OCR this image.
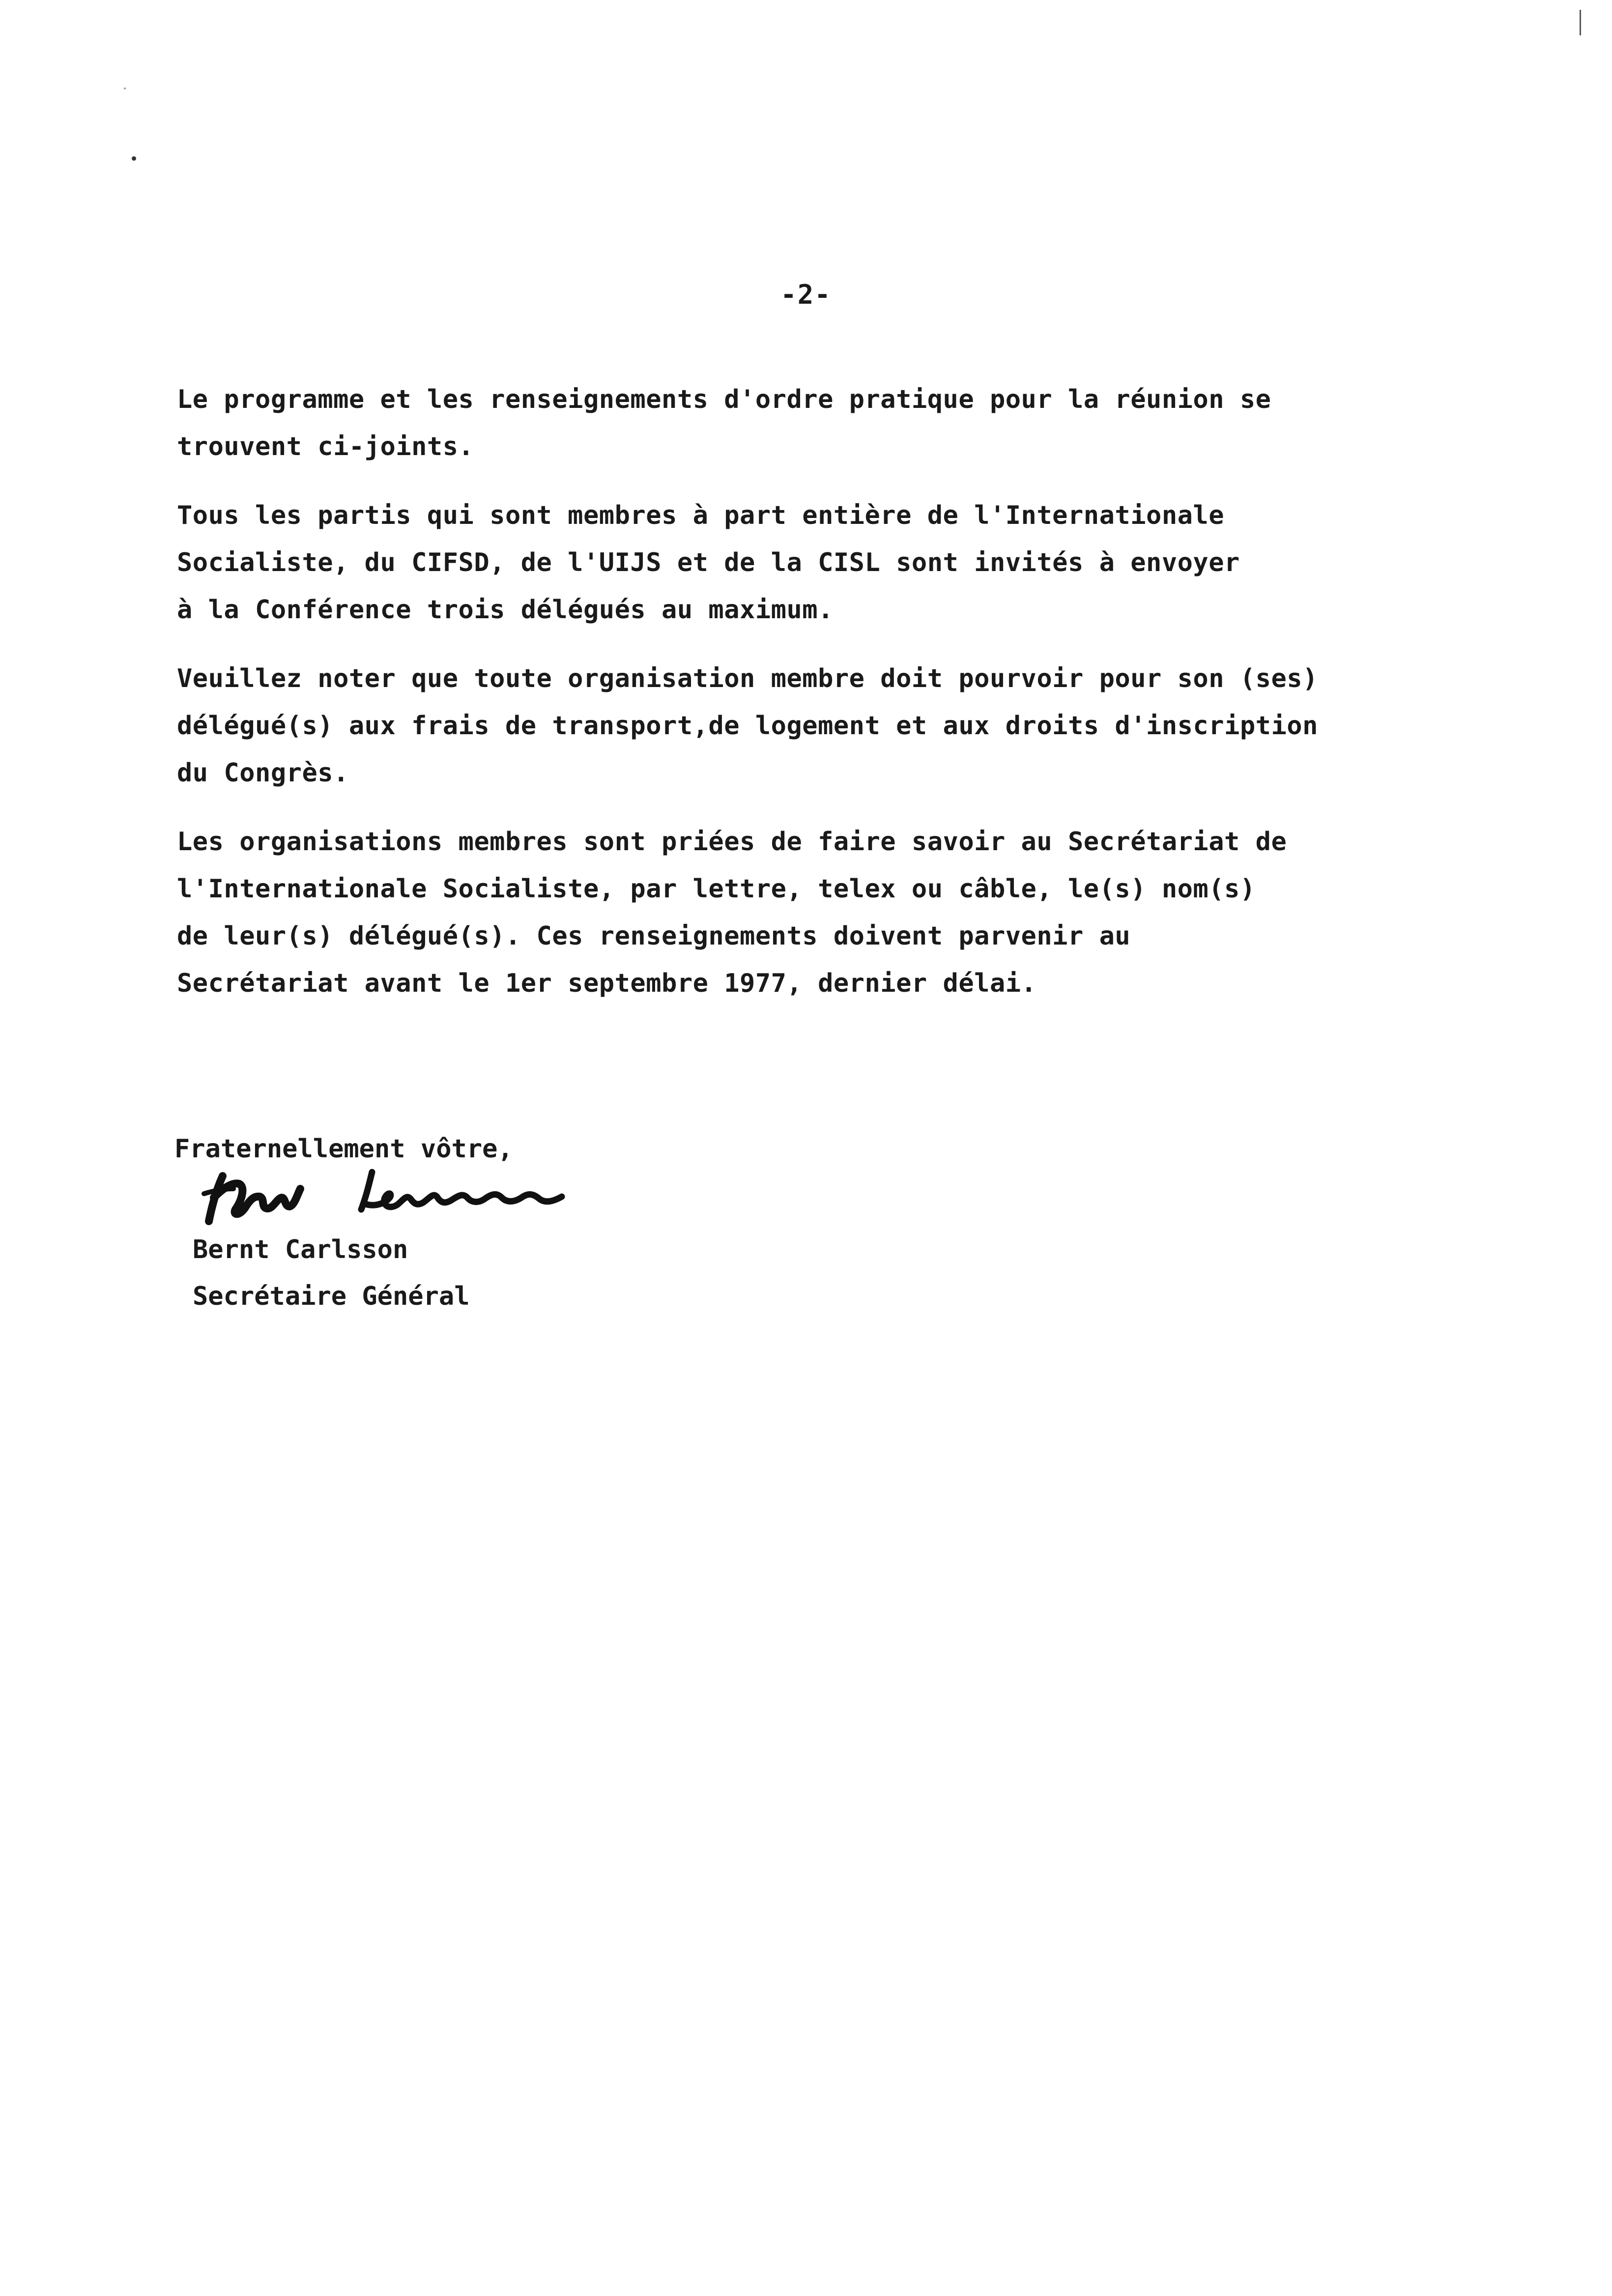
-2-

Le programme et les renseignements d'ordre pratique pour la réunion se
trouvent ci-joints.

Tous les partis qui sont membres à part entière de l'Internationale
Socialiste, du CIFSD, de l'UIJS et de la CISL sont invités à envoyer
à la Conférence trois délégués au maximum.

Veuillez noter que toute organisation membre doit pourvoir pour son (ses)
délégué(s) aux frais de transport,de logement et aux droits d'inscription
du Congrès.

Les organisations membres sont priées de faire savoir au Secrétariat de
l'Internationale Socialiste, par lettre, telex ou câble, le(s) nom(s)
de leur(s) délégué(s). Ces renseignements doivent parvenir au
Secrétariat avant le 1er septembre 1977, dernier délai.

Fraternellement vôtre,
Bernt Carlsson
Secrétaire Général
